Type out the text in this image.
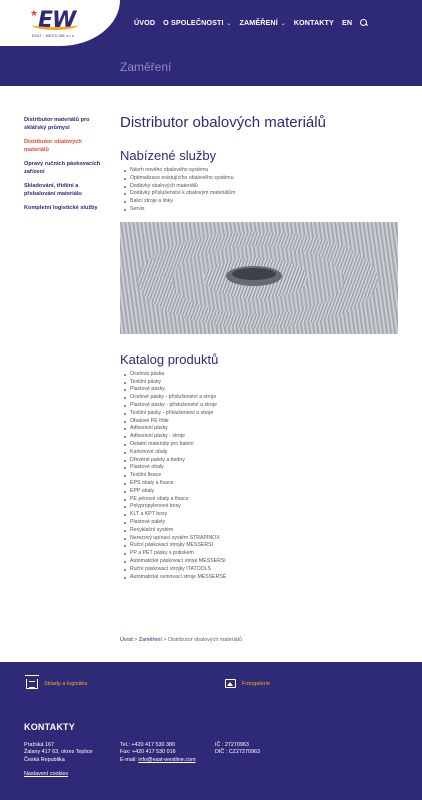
★ EW
EAST - WESTLINE s.r.o.
ÚVOD O SPOLEČNOSTI ⌄ ZAMĚŘENÍ ⌄ KONTAKTY EN
Zaměření
Distributor materiálů pro sklářský průmysl
Distributor obalových materiálů
Opravy ručních páskovacích zařízení
Skladování, třídění a přebalování materiálu
Kompletní logistické služby
Distributor obalových materiálů
Nabízené služby
Návrh nového obalového systému
Optimalizace existujícího obalového systému
Dodávky obalových materiálů
Dodávky příslušenství k obalovým materiálům
Balicí stroje a linky
Servis
Katalog produktů
Ocelová páska
Textilní pásky
Plastové pásky
Ocelové pásky - příslušenství a stroje
Plastové pásky - příslušenství a stroje
Textilní pásky - příslušenství a stroje
Obalové PE fólie
Adhezivní pásky
Adhezivní pásky - stroje
Ostatní materiály pro balení
Kartonové obaly
Dřevěné palety a bedny
Plastové obaly
Textilní fixace
EPS obaly a fixace
EPP obaly
PE pěnové obaly a fixace
Polypropylenové boxy
KLT a KPT boxy
Plastové palety
Recyklační systém
Nerezový upínací systém STRAPINOX
Ruční páskovací strojky MESSERSI
PP a PET pásky s potiskem
Automatické páskovací stroje MESSERSI
Ruční páskovací strojky ITATOOLS
Automatické ovinovací stroje MESSERSÈ
Úvod > Zaměření > Distributor obalových materiálů
Sklady a logistika	Fotogalerie
KONTAKTY
Pražská 167
Žalany 417 63, okres Teplice
Česká Republika
Tel.: +420 417 530 380
Fax: +420 417 530 016
E-mail: info@east-westline.com
IČ : 27270963
DIČ : CZ27270963
Nastavení cookies
